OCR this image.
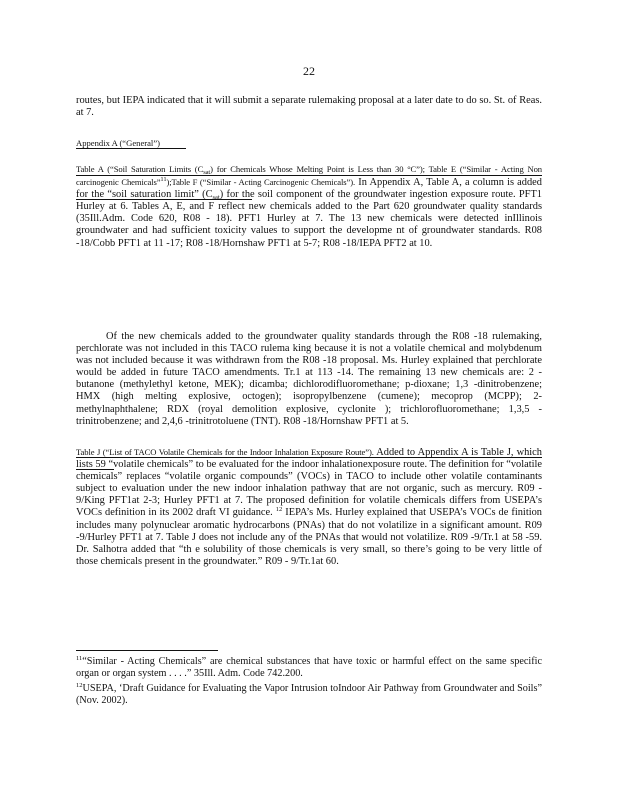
22
routes, but IEPA indicated that it will submit a separate rulemaking proposal at a later date to do so. St. of Reas. at 7.
Appendix A (“General”)
Table A (“Soil Saturation Limits $(C_{sat})$ for Chemicals Whose Melting Point is Less than 30 °C”); Table E (“Similar - Acting Non carcinogenic Chemicals”$^{11}$);Table F (“Similar - Acting Carcinogenic Chemicals”). In Appendix A, Table A, a column is added for the “soil saturation limit” $(C_{sat})$ for the soil component of the groundwater ingestion exposure route. PFT1 Hurley at 6. Tables A, E, and F reflect new chemicals added to the Part 620 groundwater quality standards (35Ill.Adm. Code 620, R08 - 18). PFT1 Hurley at 7. The 13 new chemicals were detected inIllinois groundwater and had sufficient toxicity values to support the developme nt of groundwater standards. R08 -18/Cobb PFT1 at 11 -17; R08 -18/Hornshaw PFT1 at 5-7; R08 -18/IEPA PFT2 at 10.
Of the new chemicals added to the groundwater quality standards through the R08 -18 rulemaking, perchlorate was not included in this TACO rulema king because it is not a volatile chemical and molybdenum was not included because it was withdrawn from the R08 -18 proposal. Ms. Hurley explained that perchlorate would be added in future TACO amendments. Tr.1 at 113 -14. The remaining 13 new chemicals are: 2 -butanone (methylethyl ketone, MEK); dicamba; dichlorodifluoromethane; p-dioxane; 1,3 -dinitrobenzene; HMX (high melting explosive, octogen); isopropylbenzene (cumene); mecoprop (MCPP); 2-methylnaphthalene; RDX (royal demolition explosive, cyclonite ); trichlorofluoromethane; 1,3,5 -trinitrobenzene; and 2,4,6 -trinitrotoluene (TNT). R08 -18/Hornshaw PFT1 at 5.
Table J (“List of TACO Volatile Chemicals for the Indoor Inhalation Exposure Route”). Added to Appendix A is Table J, which lists 59 “volatile chemicals” to be evaluated for the indoor inhalationexposure route. The definition for “volatile chemicals” replaces “volatile organic compounds” (VOCs) in TACO to include other volatile contaminants subject to evaluation under the new indoor inhalation pathway that are not organic, such as mercury. R09 - 9/King PFT1at 2-3; Hurley PFT1 at 7. The proposed definition for volatile chemicals differs from USEPA’s VOCs definition in its 2002 draft VI guidance. $^{12}$ IEPA’s Ms. Hurley explained that USEPA’s VOCs de finition includes many polynuclear aromatic hydrocarbons (PNAs) that do not volatilize in a significant amount. R09 -9/Hurley PFT1 at 7. Table J does not include any of the PNAs that would not volatilize. R09 -9/Tr.1 at 58 -59. Dr. Salhotra added that “th e solubility of those chemicals is very small, so there’s going to be very little of those chemicals present in the groundwater.” R09 - 9/Tr.1at 60.
$^{11}$“Similar - Acting Chemicals” are chemical substances that have toxic or harmful effect on the same specific organ or organ system . . . .” 35Ill. Adm. Code 742.200.
$^{12}$USEPA, ‘Draft Guidance for Evaluating the Vapor Intrusion toIndoor Air Pathway from Groundwater and Soils” (Nov. 2002).
